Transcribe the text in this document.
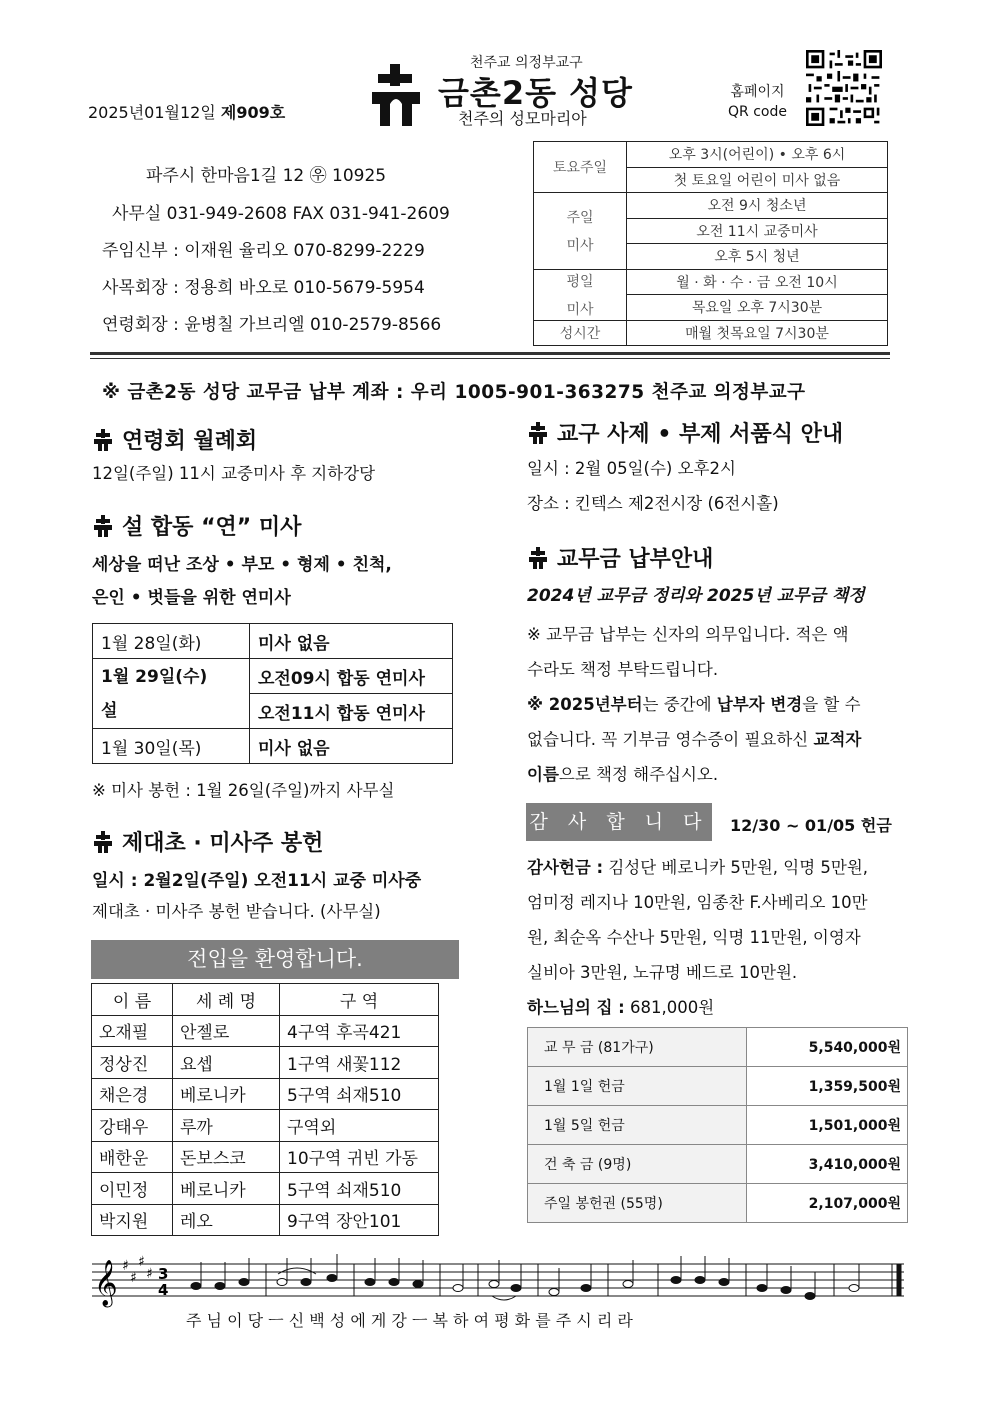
2025년01월12일 제909호
천주교 의정부교구
금촌2동 성당
천주의 성모마리아
홈페이지
QR code
파주시 한마음1길 12 ㉾ 10925
사무실 031-949-2608 FAX 031-941-2609
주임신부 : 이재원 율리오 070-8299-2229
사목회장 : 정용희 바오로 010-5679-5954
연령회장 : 윤병칠 가브리엘 010-2579-8566
토요주일	오후 3시(어린이) • 오후 6시
	첫 토요일 어린이 미사 없음

주일
미사	오전 9시 청소년
	오전 11시 교중미사
	오후 5시 청년

평일
미사	월 · 화 · 수 · 금 오전 10시
	목요일 오후 7시30분
성시간	매월 첫목요일 7시30분
※ 금촌2동 성당 교무금 납부 계좌 : 우리 1005-901-363275 천주교 의정부교구
연령회 월례회
12일(주일) 11시 교중미사 후 지하강당
설 합동 “연” 미사
세상을 떠난 조상 • 부모 • 형제 • 친척,
은인 • 벗들을 위한 연미사
1월 28일(화)	미사 없음

1월 29일(수)
설	오전09시 합동 연미사
	오전11시 합동 연미사
1월 30일(목)	미사 없음
※ 미사 봉헌 : 1월 26일(주일)까지 사무실
제대초 · 미사주 봉헌
일시 : 2월2일(주일) 오전11시 교중 미사중
제대초 · 미사주 봉헌 받습니다. (사무실)
전입을 환영합니다.
이 름	세 례 명	구 역
오재필	안젤로	4구역 후곡421
정상진	요셉	1구역 새꽃112
채은경	베로니카	5구역 쇠재510
강태우	루까	구역외
배한운	돈보스코	10구역 귀빈 가동
이민정	베로니카	5구역 쇠재510
박지원	레오	9구역 장안101
교구 사제 • 부제 서품식 안내
일시 : 2월 05일(수) 오후2시
장소 : 킨텍스 제2전시장 (6전시홀)
교무금 납부안내
2024년 교무금 정리와 2025년 교무금 책정
※ 교무금 납부는 신자의 의무입니다. 적은 액
수라도 책정 부탁드립니다.
※ 2025년부터는 중간에 납부자 변경을 할 수
없습니다. 꼭 기부금 영수증이 필요하신 교적자
이름으로 책정 해주십시오.
감 사 합 니 다 12/30 ~ 01/05 헌금
감사헌금 : 김성단 베로니카 5만원, 익명 5만원,
엄미정 레지나 10만원, 임종찬 F.사베리오 10만
원, 최순옥 수산나 5만원, 익명 11만원, 이영자
실비아 3만원, 노규명 베드로 10만원.
하느님의 집 : 681,000원
교 무 금 (81가구)	5,540,000원
1월 1일 헌금	1,359,500원
1월 5일 헌금	1,501,000원
건 축 금 (9명)	3,410,000원
주일 봉헌권 (55명)	2,107,000원
𝄞 ♯
♯
♯
♯ 3
4
주 님 이 당 ㅡ 신 백 성 에 게 강 ㅡ 복 하 여 평 화 를 주 시 리 라
